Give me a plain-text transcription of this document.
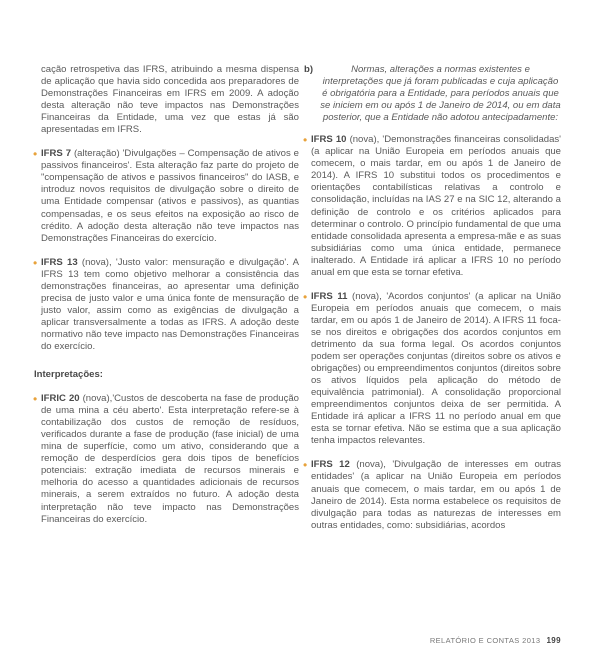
cação retrospetiva das IFRS, atribuindo a mesma dispensa de aplicação que havia sido concedida aos preparadores de Demonstrações Financeiras em IFRS em 2009. A adoção desta alteração não teve impactos nas Demonstrações Financeiras da Entidade, uma vez que estas já são apresentadas em IFRS.

• IFRS 7 (alteração) 'Divulgações – Compensação de ativos e passivos financeiros'. Esta alteração faz parte do projeto de "compensação de ativos e passivos financeiros" do IASB, e introduz novos requisitos de divulgação sobre o direito de uma Entidade compensar (ativos e passivos), as quantias compensadas, e os seus efeitos na exposição ao risco de crédito. A adoção desta alteração não teve impactos nas Demonstrações Financeiras do exercício.

• IFRS 13 (nova), 'Justo valor: mensuração e divulgação'. A IFRS 13 tem como objetivo melhorar a consistência das demonstrações financeiras, ao apresentar uma definição precisa de justo valor e uma única fonte de mensuração de justo valor, assim como as exigências de divulgação a aplicar transversalmente a todas as IFRS. A adoção deste normativo não teve impacto nas Demonstrações Financeiras do exercício.

Interpretações:

• IFRIC 20 (nova),'Custos de descoberta na fase de produção de uma mina a céu aberto'. Esta interpretação refere-se à contabilização dos custos de remoção de resíduos, verificados durante a fase de produção (fase inicial) de uma mina de superfície, como um ativo, considerando que a remoção de desperdícios gera dois tipos de benefícios potenciais: extração imediata de recursos minerais e melhoria do acesso a quantidades adicionais de recursos minerais, a serem extraídos no futuro. A adoção desta interpretação não teve impacto nas Demonstrações Financeiras do exercício.

b)	Normas, alterações a normas existentes e interpretações que já foram publicadas e cuja aplicação é obrigatória para a Entidade, para períodos anuais que se iniciem em ou após 1 de Janeiro de 2014, ou em data posterior, que a Entidade não adotou antecipadamente:
• IFRS 10 (nova), 'Demonstrações financeiras consolidadas' (a aplicar na União Europeia em períodos anuais que comecem, o mais tardar, em ou após 1 de Janeiro de 2014). A IFRS 10 substitui todos os procedimentos e orientações contabilísticas relativas a controlo e consolidação, incluídas na IAS 27 e na SIC 12, alterando a definição de controlo e os critérios aplicados para determinar o controlo. O princípio fundamental de que uma entidade consolidada apresenta a empresa-mãe e as suas subsidiárias como uma única entidade, permanece inalterado. A Entidade irá aplicar a IFRS 10 no período anual em que esta se tornar efetiva.

• IFRS 11 (nova), 'Acordos conjuntos' (a aplicar na União Europeia em períodos anuais que comecem, o mais tardar, em ou após 1 de Janeiro de 2014). A IFRS 11 foca-se nos direitos e obrigações dos acordos conjuntos em detrimento da sua forma legal. Os acordos conjuntos podem ser operações conjuntas (direitos sobre os ativos e obrigações) ou empreendimentos conjuntos (direitos sobre os ativos líquidos pela aplicação do método de equivalência patrimonial). A consolidação proporcional empreendimentos conjuntos deixa de ser permitida. A Entidade irá aplicar a IFRS 11 no período anual em que esta se tornar efetiva. Não se estima que a sua aplicação tenha impactos relevantes.

• IFRS 12 (nova), 'Divulgação de interesses em outras entidades' (a aplicar na União Europeia em períodos anuais que comecem, o mais tardar, em ou após 1 de Janeiro de 2014). Esta norma estabelece os requisitos de divulgação para todas as naturezas de interesses em outras entidades, como: subsidiárias, acordos

RELATÓRIO E CONTAS 2013 199
